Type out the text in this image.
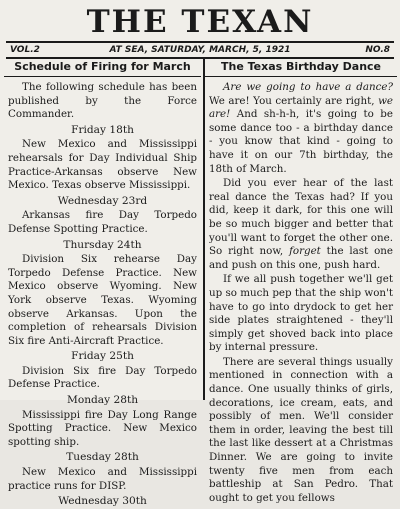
THE TEXAN
VOL.2	AT SEA, SATURDAY, MARCH, 5, 1921	NO.8
Schedule of Firing for March
The following schedule has been published by the Force Commander.
Friday 18th
New Mexico and Mississippi rehearsals for Day Individual Ship Practice-Arkansas observe New Mexico. Texas observe Mississippi.
Wednesday 23rd
Arkansas fire Day Torpedo Defense Spotting Practice.
Thursday 24th
Division Six rehearse Day Torpedo Defense Practice. New Mexico observe Wyoming. New York observe Texas. Wyoming observe Arkansas. Upon the completion of rehearsals Division Six fire Anti-Aircraft Practice.
Friday 25th
Division Six fire Day Torpedo Defense Practice.
Monday 28th
Mississippi fire Day Long Range Spotting Practice. New Mexico spotting ship.
Tuesday 28th
New Mexico and Mississippi practice runs for DISP.
Wednesday 30th
The Texas Birthday Dance
Are we going to have a dance? We are! You certainly are right, we are! And sh-h-h, it's going to be some dance too - a birthday dance - you know that kind - going to have it on our 7th birthday, the 18th of March.
Did you ever hear of the last real dance the Texas had? If you did, keep it dark, for this one will be so much bigger and better that you'll want to forget the other one. So right now, forget the last one and push on this one, push hard.
If we all push together we'll get up so much pep that the ship won't have to go into drydock to get her side plates straightened - they'll simply get shoved back into place by internal pressure.
There are several things usually mentioned in connection with a dance. One usually thinks of girls, decorations, ice cream, eats, and possibly of men. We'll consider them in order, leaving the best till the last like dessert at a Christmas Dinner. We are going to invite twenty five men from each battleship at San Pedro. That ought to get you fellows
